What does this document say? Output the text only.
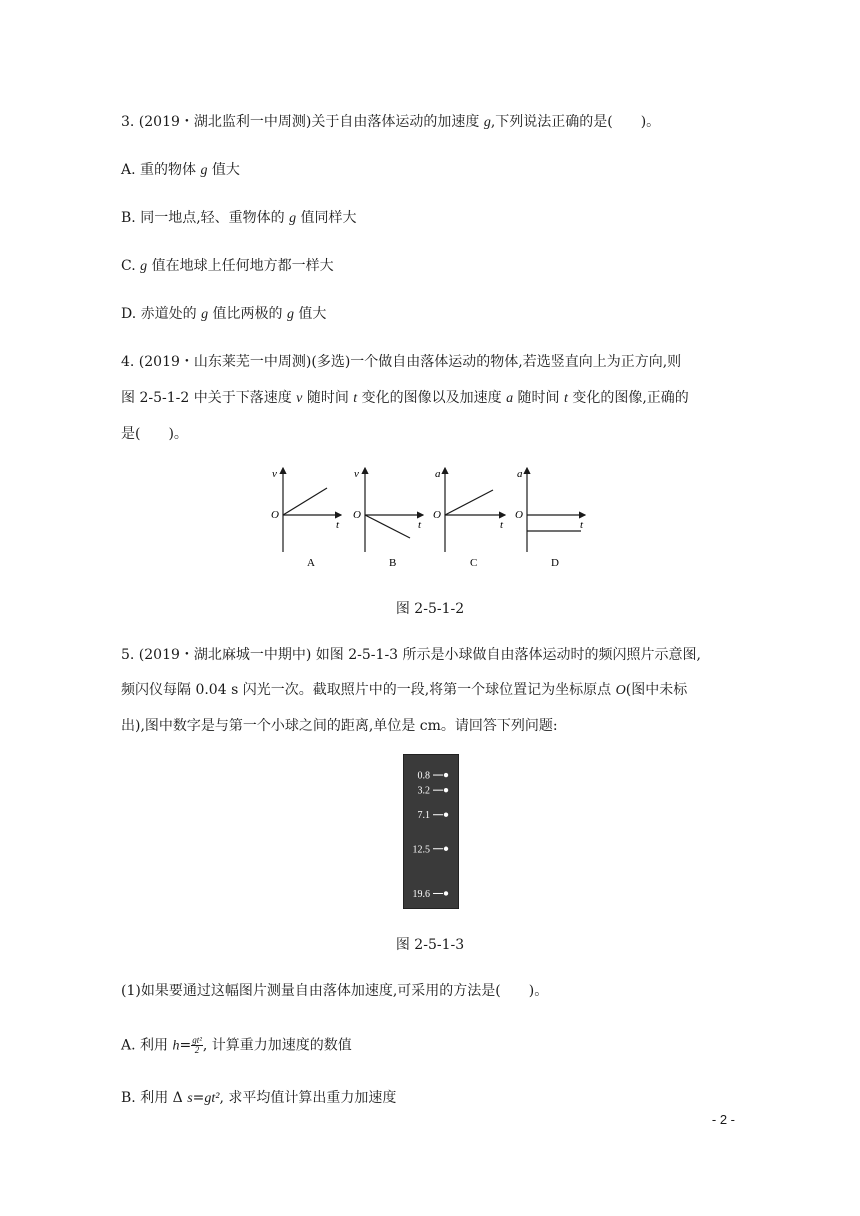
3. (2019・湖北监利一中周测)关于自由落体运动的加速度 g,下列说法正确的是(　　)。
A. 重的物体 g 值大
B. 同一地点,轻、重物体的 g 值同样大
C. g 值在地球上任何地方都一样大
D. 赤道处的 g 值比两极的 g 值大
4. (2019・山东莱芜一中周测)(多选)一个做自由落体运动的物体,若选竖直向上为正方向,则
图 2-5-1-2 中关于下落速度 v 随时间 t 变化的图像以及加速度 a 随时间 t 变化的图像,正确的
是(　　)。
v
t
O
A
v
t
O
B
a
t
O
C
a
t
O
D
图 2-5-1-2
5. (2019・湖北麻城一中期中) 如图 2-5-1-3 所示是小球做自由落体运动时的频闪照片示意图,
频闪仪每隔 0.04 s 闪光一次。截取照片中的一段,将第一个球位置记为坐标原点 O(图中未标
出),图中数字是与第一个小球之间的距离,单位是 cm。请回答下列问题:
0.8
3.2
7.1
12.5
19.6
图 2-5-1-3
(1)如果要通过这幅图片测量自由落体加速度,可采用的方法是(　　)。
A. 利用 $h= \frac{\text{gt²}}{2}$ , 计算重力加速度的数值
B. 利用 Δ s=gt², 求平均值计算出重力加速度
- 2 -
